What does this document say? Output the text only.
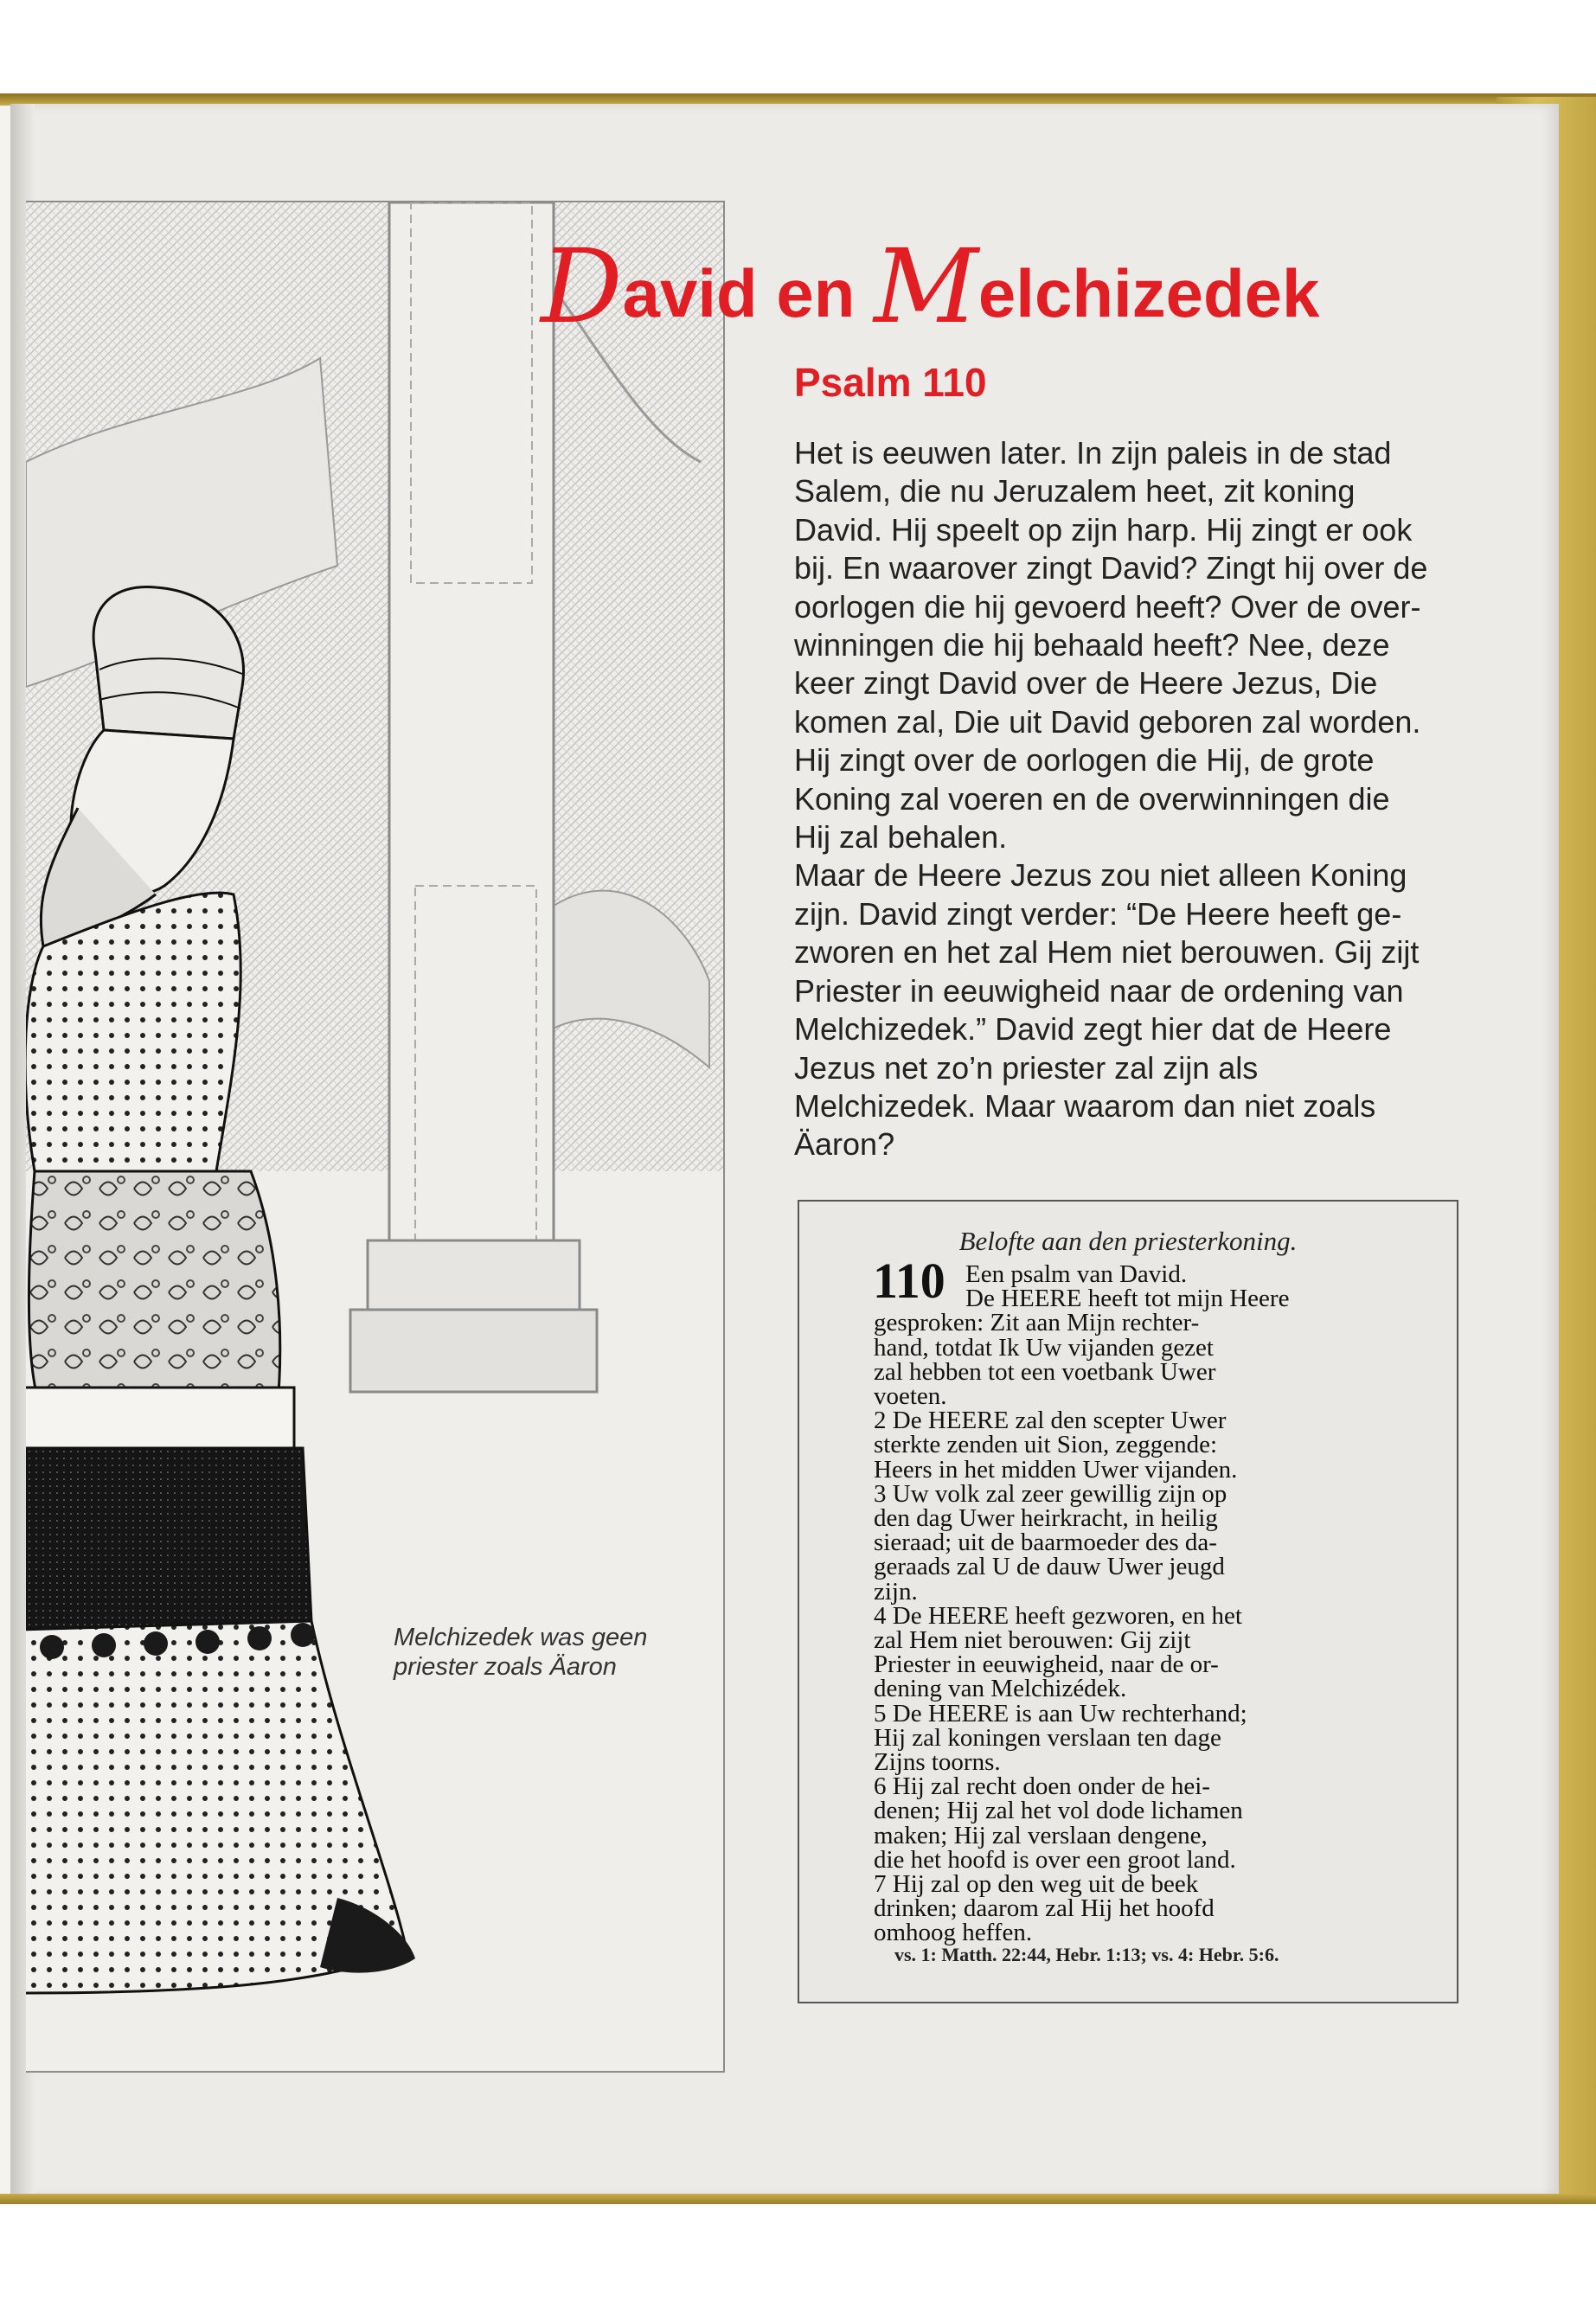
Melchizedek was geen
priester zoals Äaron
David en Melchizedek
Psalm 110
Het is eeuwen later. In zijn paleis in de stad
Salem, die nu Jeruzalem heet, zit koning
David. Hij speelt op zijn harp. Hij zingt er ook
bij. En waarover zingt David? Zingt hij over de
oorlogen die hij gevoerd heeft? Over de over-
winningen die hij behaald heeft? Nee, deze
keer zingt David over de Heere Jezus, Die
komen zal, Die uit David geboren zal worden.
Hij zingt over de oorlogen die Hij, de grote
Koning zal voeren en de overwinningen die
Hij zal behalen.
Maar de Heere Jezus zou niet alleen Koning
zijn. David zingt verder: “De Heere heeft ge-
zworen en het zal Hem niet berouwen. Gij zijt
Priester in eeuwigheid naar de ordening van
Melchizedek.” David zegt hier dat de Heere
Jezus net zo’n priester zal zijn als
Melchizedek. Maar waarom dan niet zoals
Äaron?
Belofte aan den priesterkoning.
110 Een psalm van David.
De HEERE heeft tot mijn Heere
gesproken: Zit aan Mijn rechter-
hand, totdat Ik Uw vijanden gezet
zal hebben tot een voetbank Uwer
voeten.
2 De HEERE zal den scepter Uwer
sterkte zenden uit Sion, zeggende:
Heers in het midden Uwer vijanden.
3 Uw volk zal zeer gewillig zijn op
den dag Uwer heirkracht, in heilig
sieraad; uit de baarmoeder des da-
geraads zal U de dauw Uwer jeugd
zijn.
4 De HEERE heeft gezworen, en het
zal Hem niet berouwen: Gij zijt
Priester in eeuwigheid, naar de or-
dening van Melchizédek.
5 De HEERE is aan Uw rechterhand;
Hij zal koningen verslaan ten dage
Zijns toorns.
6 Hij zal recht doen onder de hei-
denen; Hij zal het vol dode lichamen
maken; Hij zal verslaan dengene,
die het hoofd is over een groot land.
7 Hij zal op den weg uit de beek
drinken; daarom zal Hij het hoofd
omhoog heffen.
vs. 1: Matth. 22:44, Hebr. 1:13; vs. 4: Hebr. 5:6.
